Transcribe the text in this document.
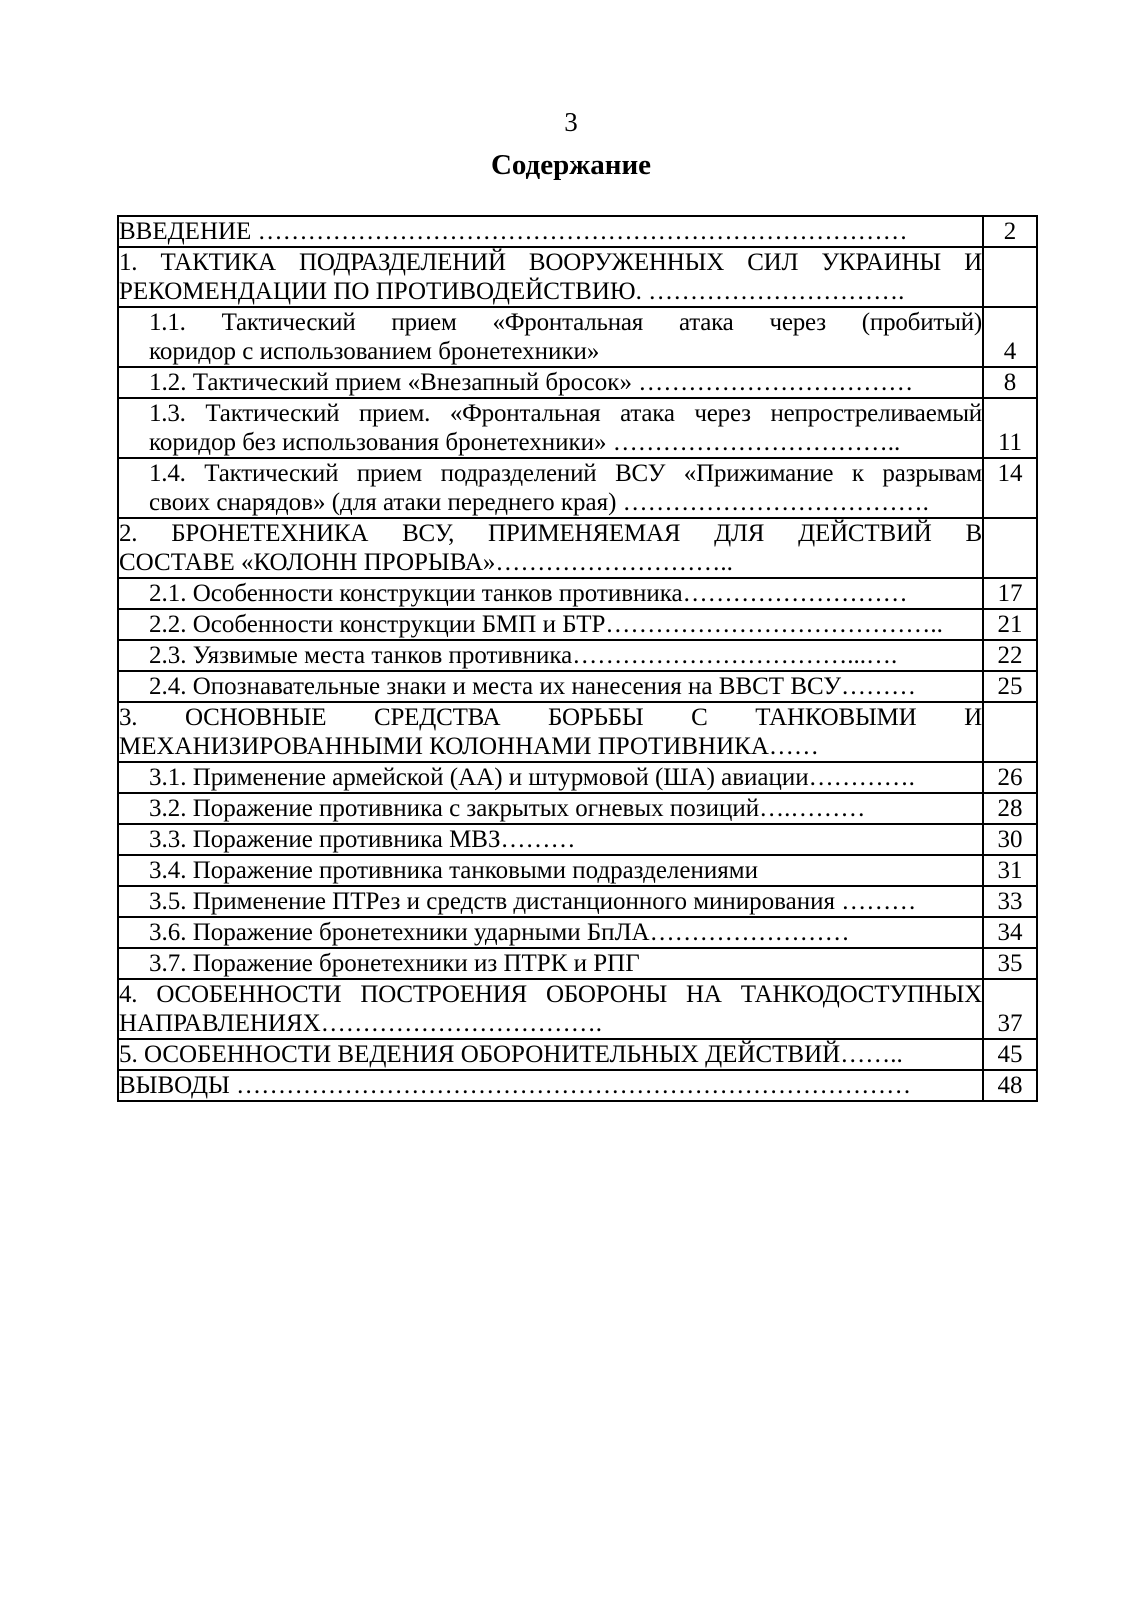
3
Содержание
ВВЕДЕНИЕ ……………………………………………………………………	2

1. ТАКТИКА ПОДРАЗДЕЛЕНИЙ ВООРУЖЕННЫХ СИЛ УКРАИНЫ И
РЕКОМЕНДАЦИИ ПО ПРОТИВОДЕЙСТВИЮ. ………………………….	

1.1. Тактический прием «Фронтальная атака через (пробитый)
коридор с использованием бронетехники»	4

1.2. Тактический прием «Внезапный бросок» ……………………………	8

1.3. Тактический прием. «Фронтальная атака через непростреливаемый
коридор без использования бронетехники» ……………………………..	11

1.4. Тактический прием подразделений ВСУ «Прижимание к разрывам
своих снарядов» (для атаки переднего края) ……………………………….	14

2. БРОНЕТЕХНИКА ВСУ, ПРИМЕНЯЕМАЯ ДЛЯ ДЕЙСТВИЙ В
СОСТАВЕ «КОЛОНН ПРОРЫВА»………………………..	

2.1. Особенности конструкции танков противника………………………	17

2.2. Особенности конструкции БМП и БТР…………………………………..	21

2.3. Уязвимые места танков противника……………………………...….	22

2.4. Опознавательные знаки и места их нанесения на ВВСТ ВСУ………	25

3. ОСНОВНЫЕ СРЕДСТВА БОРЬБЫ С ТАНКОВЫМИ И
МЕХАНИЗИРОВАННЫМИ КОЛОННАМИ ПРОТИВНИКА……	

3.1. Применение армейской (АА) и штурмовой (ША) авиации………….	26

3.2. Поражение противника с закрытых огневых позиций….………	28

3.3. Поражение противника МВЗ………	30

3.4. Поражение противника танковыми подразделениями	31

3.5. Применение ПТРез и средств дистанционного минирования ………	33

3.6. Поражение бронетехники ударными БпЛА……………………	34

3.7. Поражение бронетехники из ПТРК и РПГ	35

4. ОСОБЕННОСТИ ПОСТРОЕНИЯ ОБОРОНЫ НА ТАНКОДОСТУПНЫХ
НАПРАВЛЕНИЯХ…………………………….	37

5. ОСОБЕННОСТИ ВЕДЕНИЯ ОБОРОНИТЕЛЬНЫХ ДЕЙСТВИЙ……..	45

ВЫВОДЫ ………………………………………………………………………	48
